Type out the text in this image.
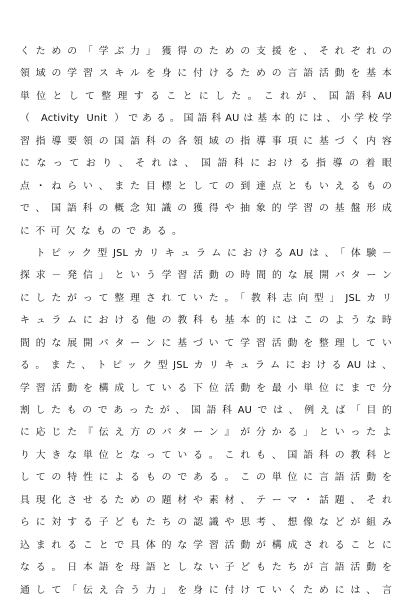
くための「学ぶ力」獲得のための支援を、それぞれの
領域の学習スキルを身に付けるための言語活動を基本
単位として整理することにした。これが、国語科AU
（ Activity Unit ）である。国語科AUは基本的には、小学校学
習指導要領の国語科の各領域の指導事項に基づく内容
になっており、それは、国語科における指導の着眼
点・ねらい、また目標としての到達点ともいえるもの
で、国語科の概念知識の獲得や抽象的学習の基盤形成
に不可欠なものである。
　トピック型JSLカリキュラムにおけるAUは、「体験－
探求－発信」という学習活動の時間的な展開パターン
にしたがって整理されていた。「教科志向型」JSLカリ
キュラムにおける他の教科も基本的にはこのような時
間的な展開パターンに基づいて学習活動を整理してい
る。また、トピック型JSLカリキュラムにおけるAUは、
学習活動を構成している下位活動を最小単位にまで分
割したものであったが、国語科AUでは、例えば「目的
に応じた『伝え方のパターン』が分かる」といったよ
り大きな単位となっている。これも、国語科の教科と
しての特性によるものである。この単位に言語活動を
具現化させるための題材や素材、テーマ・話題、それ
らに対する子どもたちの認識や思考、想像などが組み
込まれることで具体的な学習活動が構成されることに
なる。日本語を母語としない子どもたちが言語活動を
通して「伝え合う力」を身に付けていくためには、言
